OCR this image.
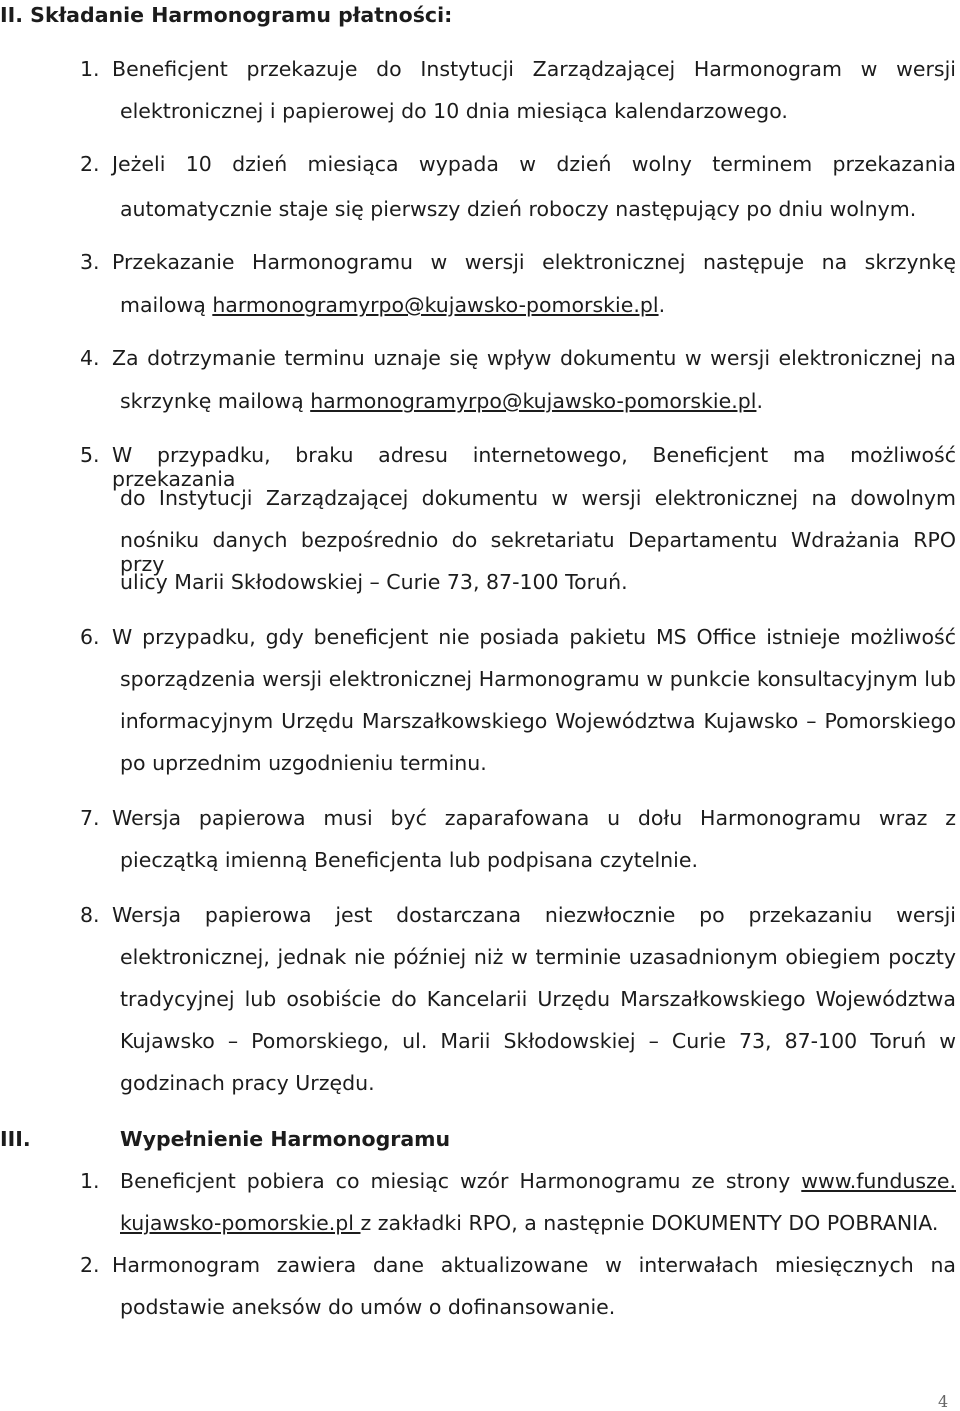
II. Składanie Harmonogramu płatności:
1. Beneficjent przekazuje do Instytucji Zarządzającej Harmonogram w wersji
elektronicznej i papierowej do 10 dnia miesiąca kalendarzowego.
2. Jeżeli 10 dzień miesiąca wypada w dzień wolny terminem przekazania
automatycznie staje się pierwszy dzień roboczy następujący po dniu wolnym.
3. Przekazanie Harmonogramu w wersji elektronicznej następuje na skrzynkę
mailową harmonogramyrpo@kujawsko-pomorskie.pl.
4. Za dotrzymanie terminu uznaje się wpływ dokumentu w wersji elektronicznej na
skrzynkę mailową harmonogramyrpo@kujawsko-pomorskie.pl.
5. W przypadku, braku adresu internetowego, Beneficjent ma możliwość przekazania
do Instytucji Zarządzającej dokumentu w wersji elektronicznej na dowolnym
nośniku danych bezpośrednio do sekretariatu Departamentu Wdrażania RPO przy
ulicy Marii Skłodowskiej – Curie 73, 87-100 Toruń.
6. W przypadku, gdy beneficjent nie posiada pakietu MS Office istnieje możliwość
sporządzenia wersji elektronicznej Harmonogramu w punkcie konsultacyjnym lub
informacyjnym Urzędu Marszałkowskiego Województwa Kujawsko – Pomorskiego
po uprzednim uzgodnieniu terminu.
7. Wersja papierowa musi być zaparafowana u dołu Harmonogramu wraz z
pieczątką imienną Beneficjenta lub podpisana czytelnie.
8. Wersja papierowa jest dostarczana niezwłocznie po przekazaniu wersji
elektronicznej, jednak nie później niż w terminie uzasadnionym obiegiem poczty
tradycyjnej lub osobiście do Kancelarii Urzędu Marszałkowskiego Województwa
Kujawsko – Pomorskiego, ul. Marii Skłodowskiej – Curie 73, 87-100 Toruń w
godzinach pracy Urzędu.
III.	Wypełnienie Harmonogramu
1. Beneficjent pobiera co miesiąc wzór Harmonogramu ze strony www.fundusze.
kujawsko-pomorskie.pl z zakładki RPO, a następnie DOKUMENTY DO POBRANIA.
2. Harmonogram zawiera dane aktualizowane w interwałach miesięcznych na
podstawie aneksów do umów o dofinansowanie.
4
